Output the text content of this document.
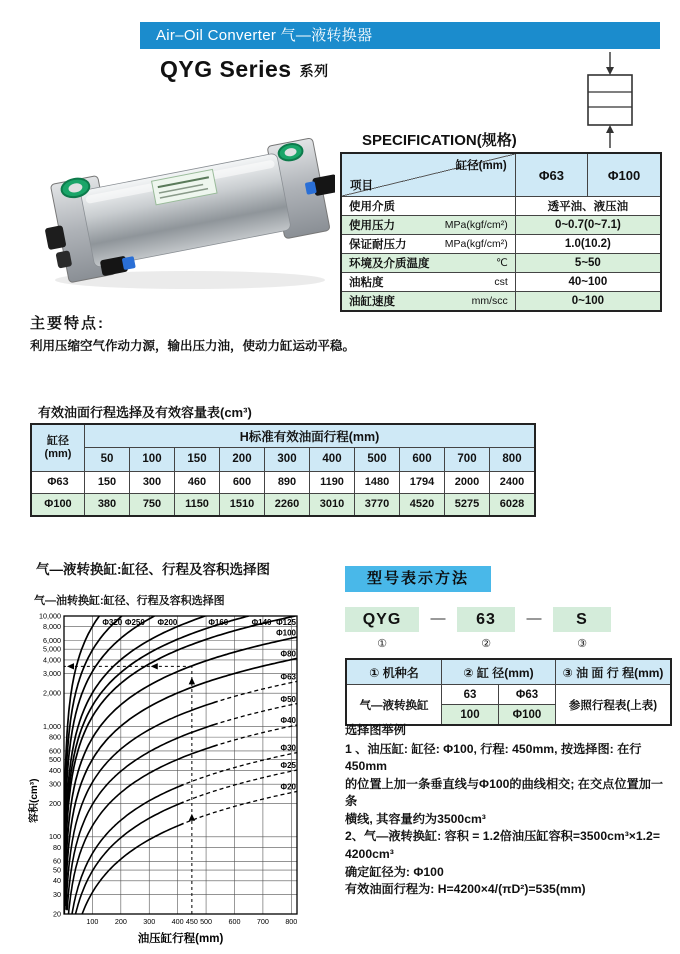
Air–Oil Converter 气—液转换器
QYG Series 系列
SPECIFICATION(规格)
缸径(mm)
项目	Φ63	Φ100

使用介质	透平油、液压油	

使用压力 MPa(kgf/cm²)	0~0.7(0~7.1)	

保证耐压力 MPa(kgf/cm²)	1.0(10.2)	

环境及介质温度 ℃	5~50	

油粘度 cst	40~100	

油缸速度 mm/scc	0~100	
主要特点:
利用压缩空气作动力源，输出压力油，使动力缸运动平稳。
有效油面行程选择及有效容量表(cm³)
缸径
(mm)	H标准有效油面行程(mm)									
	50	100	150	200	300	400	500	600	700	800
Φ63	150	300	460	600	890	1190	1480	1794	2000	2400
Φ100	380	750	1150	1510	2260	3010	3770	4520	5275	6028
气—液转换缸:缸径、行程及容积选择图
气—油转换缸:缸径、行程及容积选择图
Φ320 Φ250 Φ200	Φ160	Φ140 Φ125
Φ100
Φ80
Φ63
Φ50
Φ40
Φ30
Φ25
Φ20
10,000
8,000
6,000
5,000
4,000
3,000
2,000
1,000
800
600
500
400
300
200
100
80
60
50
40
30
20
100 200 300 400 450 500 600 700 800
油压缸行程(mm)
容积(cm³)
型号表示方法
QYG
①
—	63
②
—	S
③
① 机种名	② 缸 径(mm)		③ 油 面 行 程(mm)
气—液转换缸	63	Φ63	参照行程表(上表)
	100	Φ100	
选择图举例
1 、油压缸: 缸径: Φ100, 行程: 450mm, 按选择图: 在行450mm
的位置上加一条垂直线与Φ100的曲线相交; 在交点位置加一条
横线, 其容量约为3500cm³
2、气—液转换缸: 容积 = 1.2倍油压缸容积=3500cm³×1.2=
4200cm³
确定缸径为: Φ100
有效油面行程为: H=4200×4/(πD²)=535(mm)
